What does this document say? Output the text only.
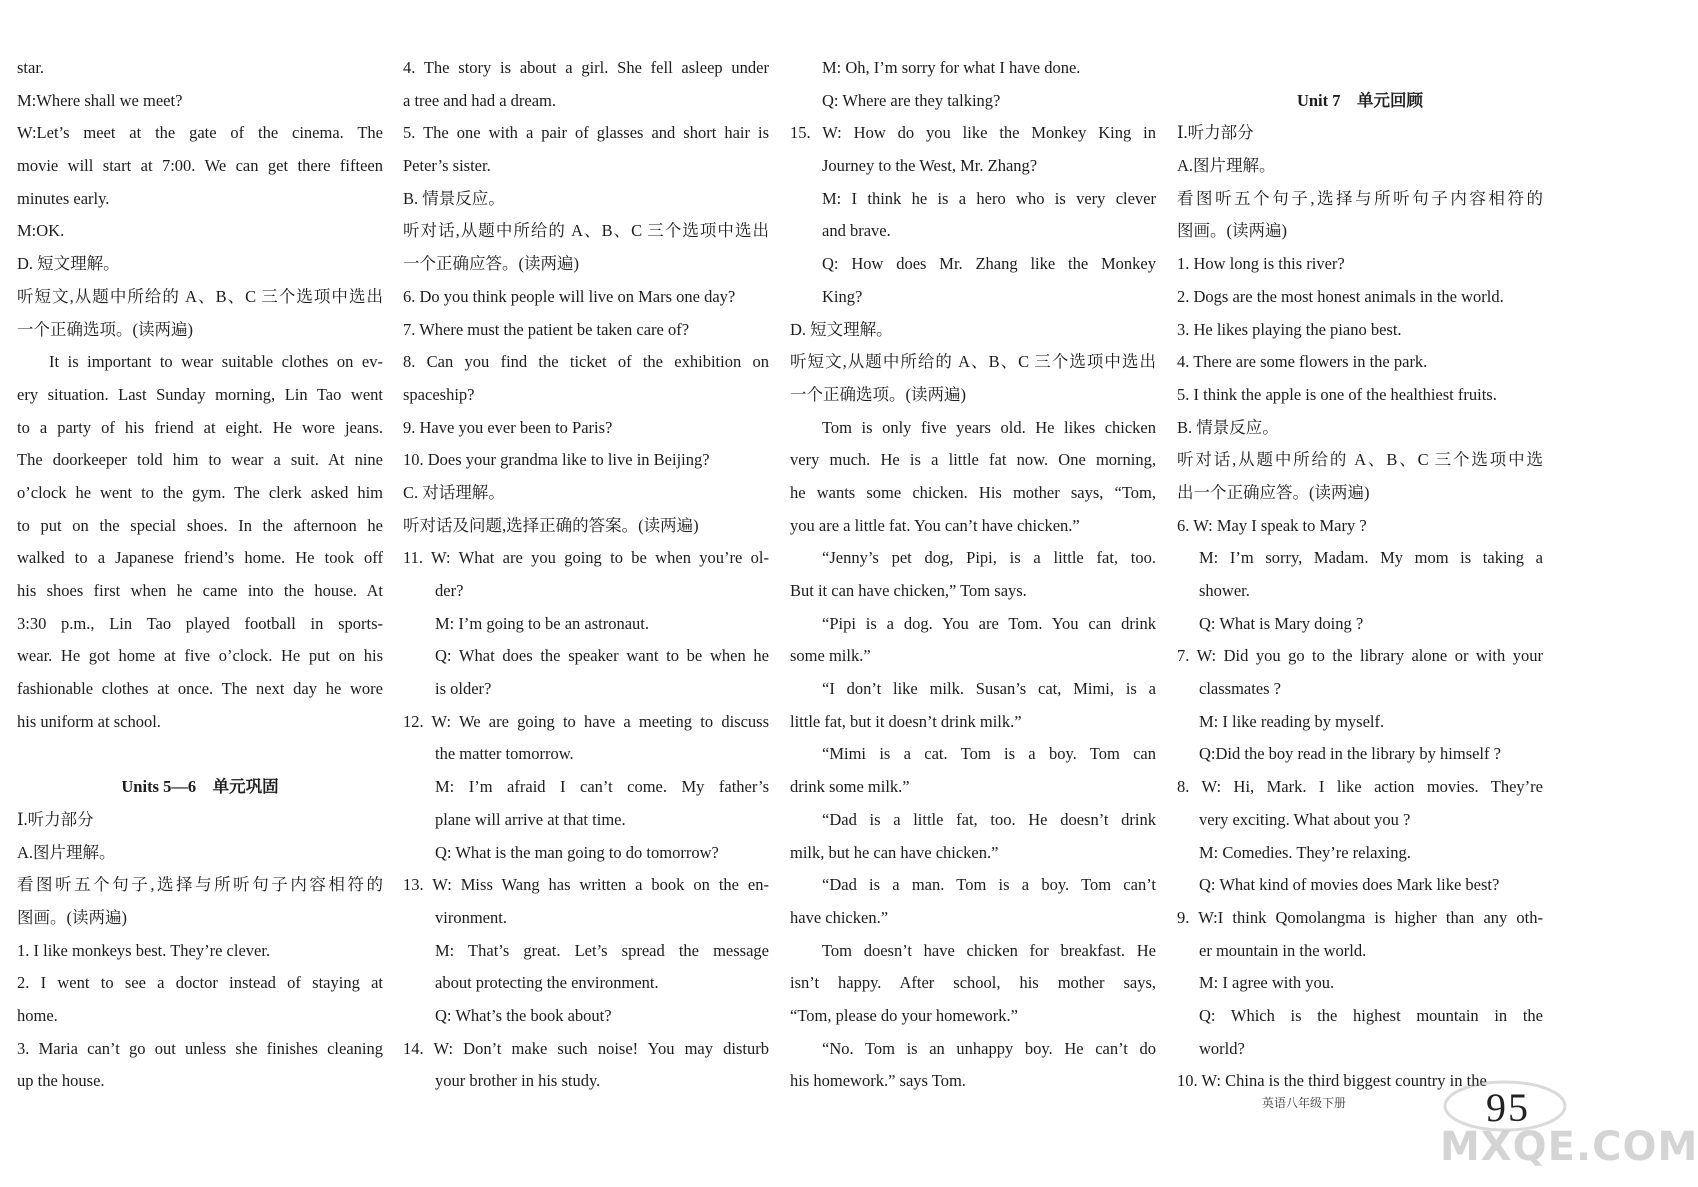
star.
M:Where shall we meet?
W:Let’s meet at the gate of the cinema. The
movie will start at 7:00. We can get there fifteen
minutes early.
M:OK.
D. 短文理解。
听短文,从题中所给的 A、B、C 三个选项中选出
一个正确选项。(读两遍)
It is important to wear suitable clothes on ev-
ery situation. Last Sunday morning, Lin Tao went
to a party of his friend at eight. He wore jeans.
The doorkeeper told him to wear a suit. At nine
o’clock he went to the gym. The clerk asked him
to put on the special shoes. In the afternoon he
walked to a Japanese friend’s home. He took off
his shoes first when he came into the house. At
3:30 p.m., Lin Tao played football in sports-
wear. He got home at five o’clock. He put on his
fashionable clothes at once. The next day he wore
his uniform at school.
Units 5—6　单元巩固
Ⅰ.听力部分
A.图片理解。
看图听五个句子,选择与所听句子内容相符的
图画。(读两遍)
1. I like monkeys best. They’re clever.
2. I went to see a doctor instead of staying at
home.
3. Maria can’t go out unless she finishes cleaning
up the house.
4. The story is about a girl. She fell asleep under
a tree and had a dream.
5. The one with a pair of glasses and short hair is
Peter’s sister.
B. 情景反应。
听对话,从题中所给的 A、B、C 三个选项中选出
一个正确应答。(读两遍)
6. Do you think people will live on Mars one day?
7. Where must the patient be taken care of?
8. Can you find the ticket of the exhibition on
spaceship?
9. Have you ever been to Paris?
10. Does your grandma like to live in Beijing?
C. 对话理解。
听对话及问题,选择正确的答案。(读两遍)
11. W: What are you going to be when you’re ol-
der?
M: I’m going to be an astronaut.
Q: What does the speaker want to be when he
is older?
12. W: We are going to have a meeting to discuss
the matter tomorrow.
M: I’m afraid I can’t come. My father’s
plane will arrive at that time.
Q: What is the man going to do tomorrow?
13. W: Miss Wang has written a book on the en-
vironment.
M: That’s great. Let’s spread the message
about protecting the environment.
Q: What’s the book about?
14. W: Don’t make such noise! You may disturb
your brother in his study.
M: Oh, I’m sorry for what I have done.
Q: Where are they talking?
15. W: How do you like the Monkey King in
Journey to the West, Mr. Zhang?
M: I think he is a hero who is very clever
and brave.
Q: How does Mr. Zhang like the Monkey
King?
D. 短文理解。
听短文,从题中所给的 A、B、C 三个选项中选出
一个正确选项。(读两遍)
Tom is only five years old. He likes chicken
very much. He is a little fat now. One morning,
he wants some chicken. His mother says, “Tom,
you are a little fat. You can’t have chicken.”
“Jenny’s pet dog, Pipi, is a little fat, too.
But it can have chicken,” Tom says.
“Pipi is a dog. You are Tom. You can drink
some milk.”
“I don’t like milk. Susan’s cat, Mimi, is a
little fat, but it doesn’t drink milk.”
“Mimi is a cat. Tom is a boy. Tom can
drink some milk.”
“Dad is a little fat, too. He doesn’t drink
milk, but he can have chicken.”
“Dad is a man. Tom is a boy. Tom can’t
have chicken.”
Tom doesn’t have chicken for breakfast. He
isn’t happy. After school, his mother says,
“Tom, please do your homework.”
“No. Tom is an unhappy boy. He can’t do
his homework.” says Tom.
Unit 7　单元回顾
Ⅰ.听力部分
A.图片理解。
看图听五个句子,选择与所听句子内容相符的
图画。(读两遍)
1. How long is this river?
2. Dogs are the most honest animals in the world.
3. He likes playing the piano best.
4. There are some flowers in the park.
5. I think the apple is one of the healthiest fruits.
B. 情景反应。
听对话,从题中所给的 A、B、C 三个选项中选
出一个正确应答。(读两遍)
6. W: May I speak to Mary ?
M: I’m sorry, Madam. My mom is taking a
shower.
Q: What is Mary doing ?
7. W: Did you go to the library alone or with your
classmates ?
M: I like reading by myself.
Q:Did the boy read in the library by himself ?
8. W: Hi, Mark. I like action movies. They’re
very exciting. What about you ?
M: Comedies. They’re relaxing.
Q: What kind of movies does Mark like best?
9. W:I think Qomolangma is higher than any oth-
er mountain in the world.
M: I agree with you.
Q: Which is the highest mountain in the
world?
10. W: China is the third biggest country in the
英语八年级下册	95
MXQE.COM
